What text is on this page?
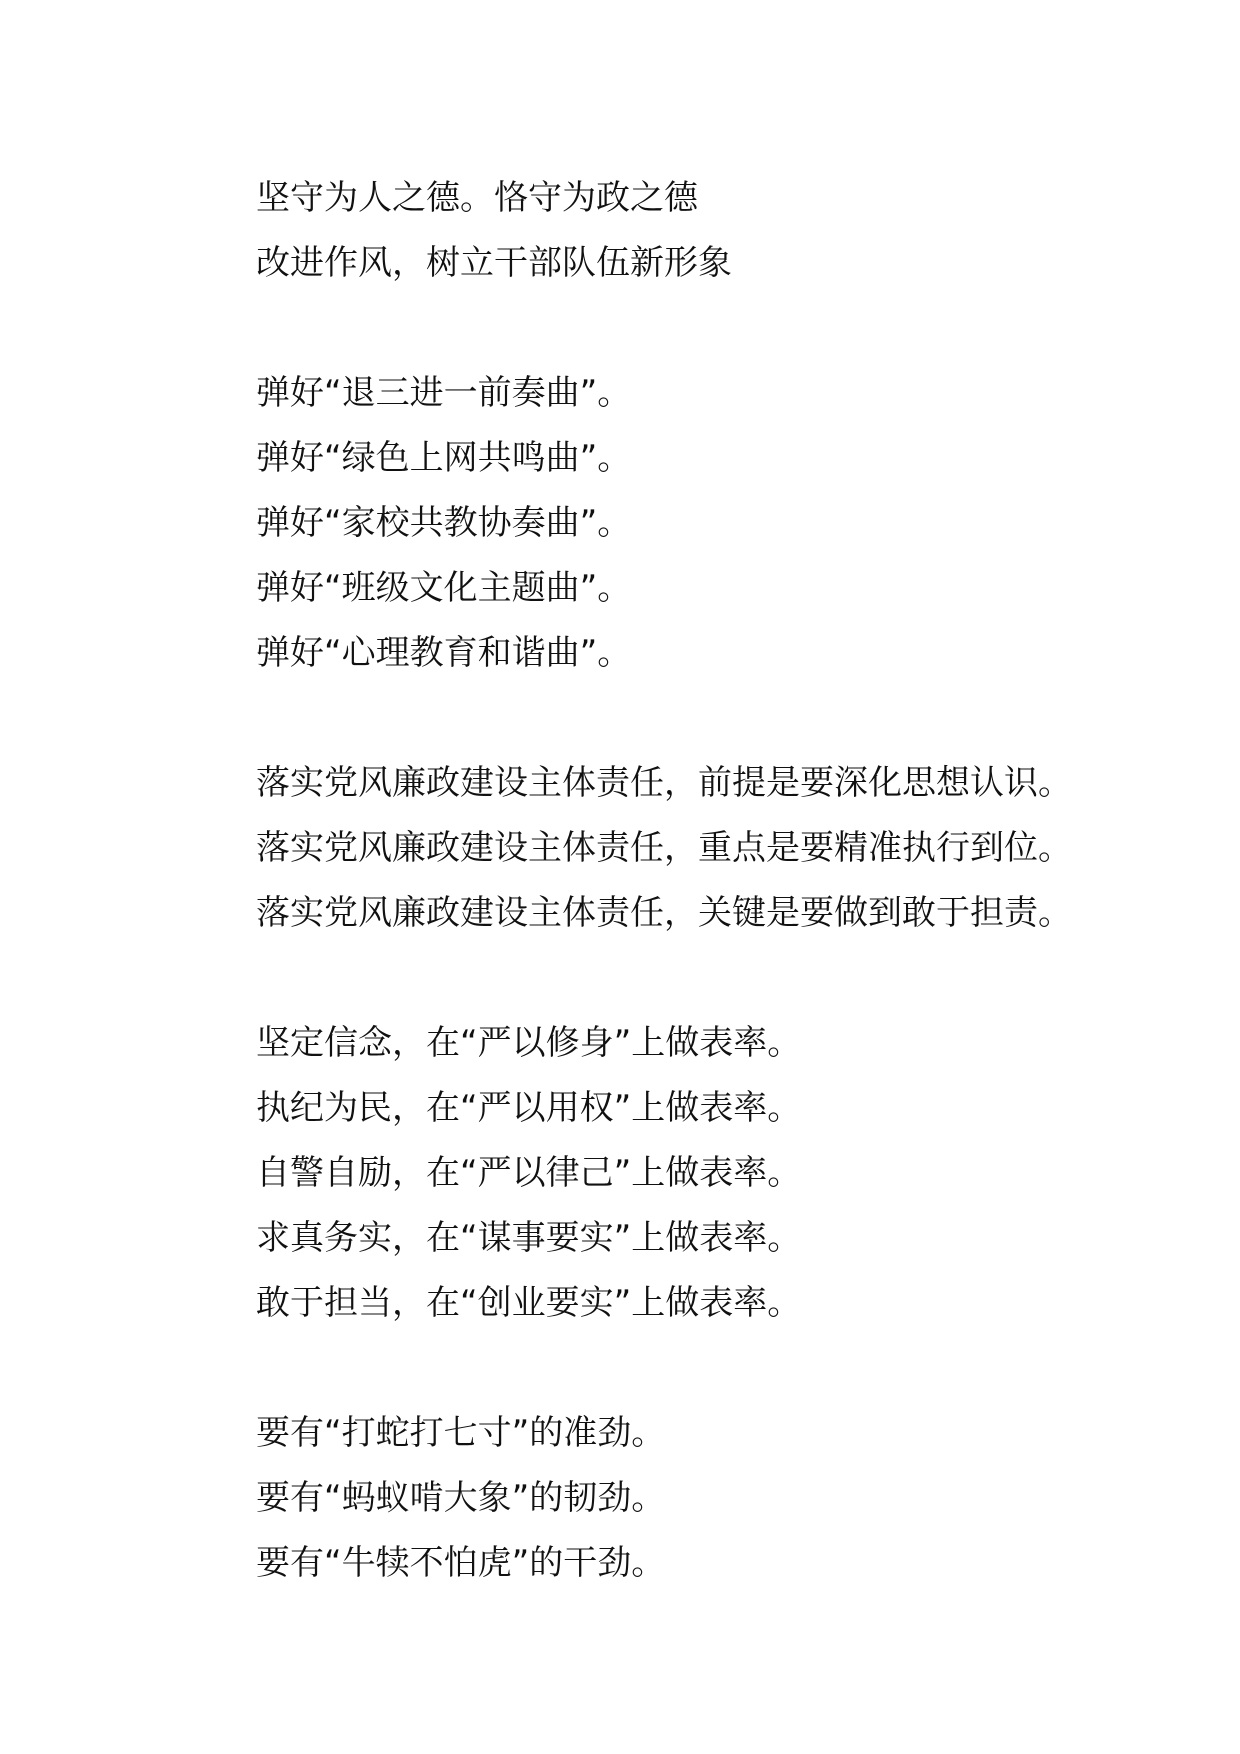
坚守为人之德。恪守为政之德
改进作风，树立干部队伍新形象
弹好“退三进一前奏曲”。
弹好“绿色上网共鸣曲”。
弹好“家校共教协奏曲”。
弹好“班级文化主题曲”。
弹好“心理教育和谐曲”。
落实党风廉政建设主体责任，前提是要深化思想认识。
落实党风廉政建设主体责任，重点是要精准执行到位。
落实党风廉政建设主体责任，关键是要做到敢于担责。
坚定信念，在“严以修身”上做表率。
执纪为民，在“严以用权”上做表率。
自警自励，在“严以律己”上做表率。
求真务实，在“谋事要实”上做表率。
敢于担当，在“创业要实”上做表率。
要有“打蛇打七寸”的准劲。
要有“蚂蚁啃大象”的韧劲。
要有“牛犊不怕虎”的干劲。
